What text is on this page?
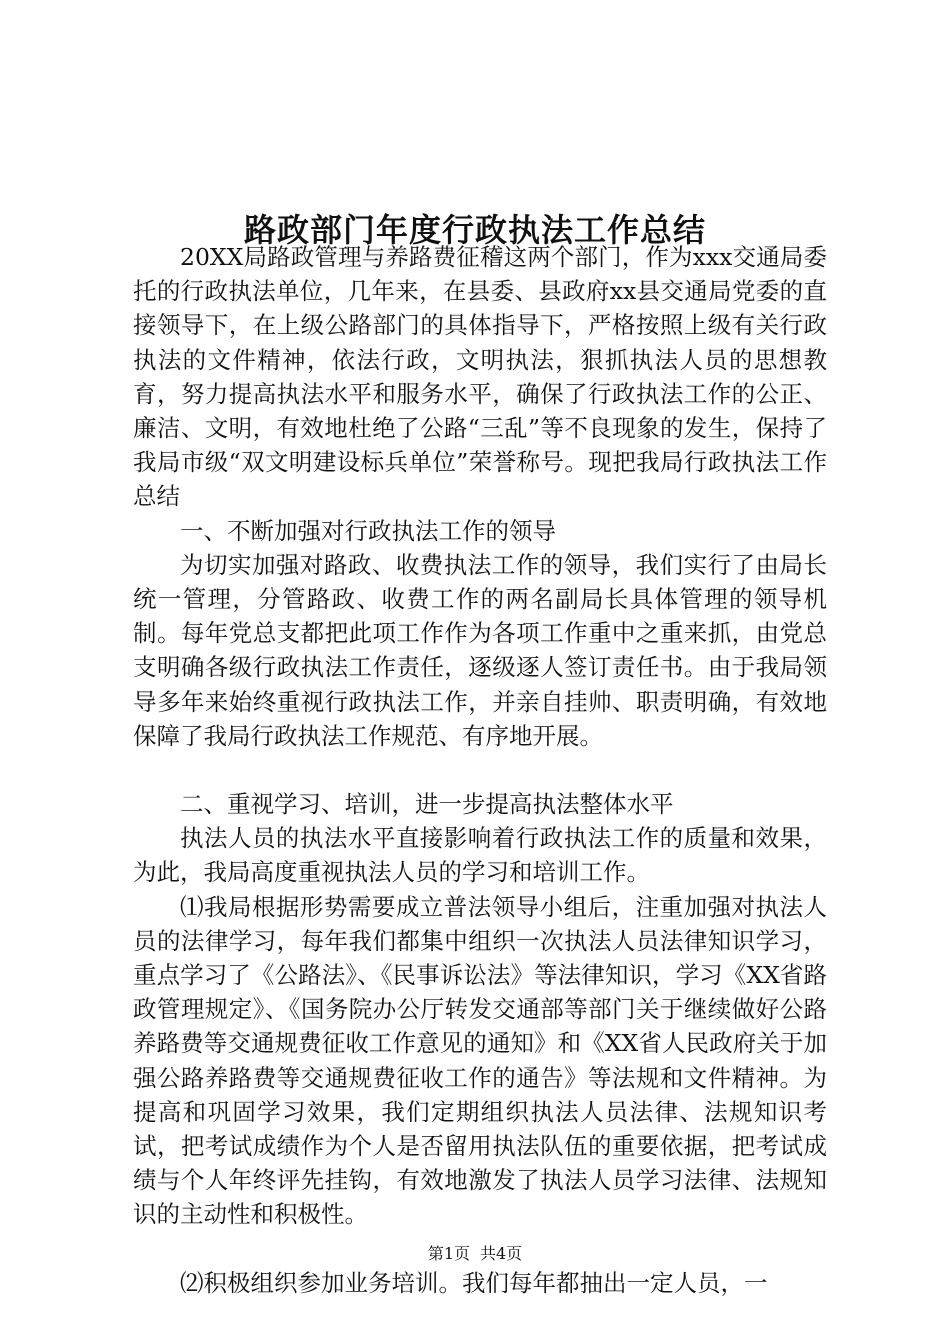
路政部门年度行政执法工作总结

20XX局路政管理与养路费征稽这两个部门，作为xxx交通局委托的行政执法单位，几年来，在县委、县政府xx县交通局党委的直接领导下，在上级公路部门的具体指导下，严格按照上级有关行政执法的文件精神，依法行政，文明执法，狠抓执法人员的思想教育，努力提高执法水平和服务水平，确保了行政执法工作的公正、廉洁、文明，有效地杜绝了公路“三乱”等不良现象的发生，保持了我局市级“双文明建设标兵单位”荣誉称号。现把我局行政执法工作总结

一、不断加强对行政执法工作的领导

为切实加强对路政、收费执法工作的领导，我们实行了由局长统一管理，分管路政、收费工作的两名副局长具体管理的领导机制。每年党总支都把此项工作作为各项工作重中之重来抓，由党总支明确各级行政执法工作责任，逐级逐人签订责任书。由于我局领导多年来始终重视行政执法工作，并亲自挂帅、职责明确，有效地保障了我局行政执法工作规范、有序地开展。

二、重视学习、培训，进一步提高执法整体水平

执法人员的执法水平直接影响着行政执法工作的质量和效果，为此，我局高度重视执法人员的学习和培训工作。

⑴我局根据形势需要成立普法领导小组后，注重加强对执法人员的法律学习，每年我们都集中组织一次执法人员法律知识学习，重点学习了《公路法》、《民事诉讼法》等法律知识，学习《XX省路政管理规定》、《国务院办公厅转发交通部等部门关于继续做好公路养路费等交通规费征收工作意见的通知》和《XX省人民政府关于加强公路养路费等交通规费征收工作的通告》等法规和文件精神。为提高和巩固学习效果，我们定期组织执法人员法律、法规知识考试，把考试成绩作为个人是否留用执法队伍的重要依据，把考试成绩与个人年终评先挂钩，有效地激发了执法人员学习法律、法规知识的主动性和积极性。

⑵积极组织参加业务培训。我们每年都抽出一定人员，一

第1页 共4页
